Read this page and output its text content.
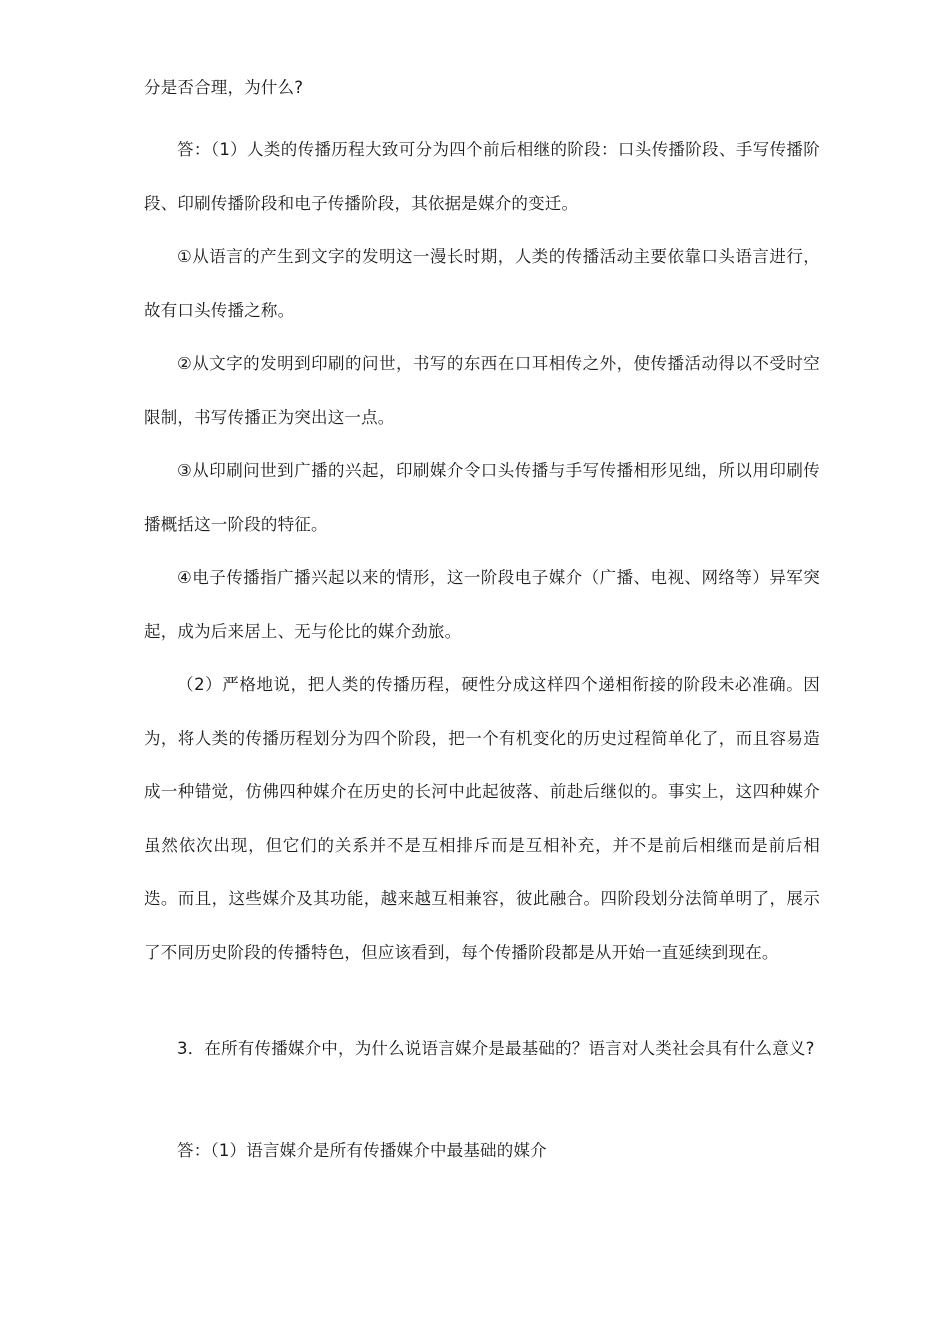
分是否合理，为什么?

答：（1）人类的传播历程大致可分为四个前后相继的阶段：口头传播阶段、手写传播阶段、印刷传播阶段和电子传播阶段，其依据是媒介的变迁。

①从语言的产生到文字的发明这一漫长时期，人类的传播活动主要依靠口头语言进行，故有口头传播之称。

②从文字的发明到印刷的问世，书写的东西在口耳相传之外，使传播活动得以不受时空限制，书写传播正为突出这一点。

③从印刷问世到广播的兴起，印刷媒介令口头传播与手写传播相形见绌，所以用印刷传播概括这一阶段的特征。

④电子传播指广播兴起以来的情形，这一阶段电子媒介（广播、电视、网络等）异军突起，成为后来居上、无与伦比的媒介劲旅。

（2）严格地说，把人类的传播历程，硬性分成这样四个递相衔接的阶段未必准确。因为，将人类的传播历程划分为四个阶段，把一个有机变化的历史过程简单化了，而且容易造成一种错觉，仿佛四种媒介在历史的长河中此起彼落、前赴后继似的。事实上，这四种媒介虽然依次出现，但它们的关系并不是互相排斥而是互相补充，并不是前后相继而是前后相迭。而且，这些媒介及其功能，越来越互相兼容，彼此融合。四阶段划分法简单明了，展示了不同历史阶段的传播特色，但应该看到，每个传播阶段都是从开始一直延续到现在。

3．在所有传播媒介中，为什么说语言媒介是最基础的？语言对人类社会具有什么意义?

答：（1）语言媒介是所有传播媒介中最基础的媒介
